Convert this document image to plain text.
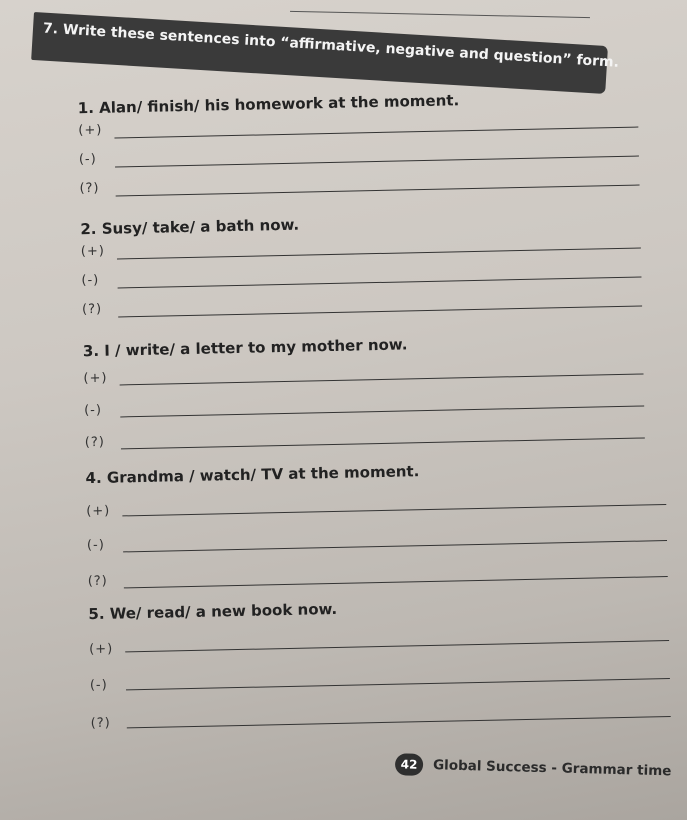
7. Write these sentences into “affirmative, negative and question” form.
1. Alan/ finish/ his homework at the moment.
(+)
(-)
(?)
2. Susy/ take/ a bath now.
(+)
(-)
(?)
3. I / write/ a letter to my mother now.
(+)
(-)
(?)
4. Grandma / watch/ TV at the moment.
(+)
(-)
(?)
5. We/ read/ a new book now.
(+)
(-)
(?)
42	Global Success - Grammar time
